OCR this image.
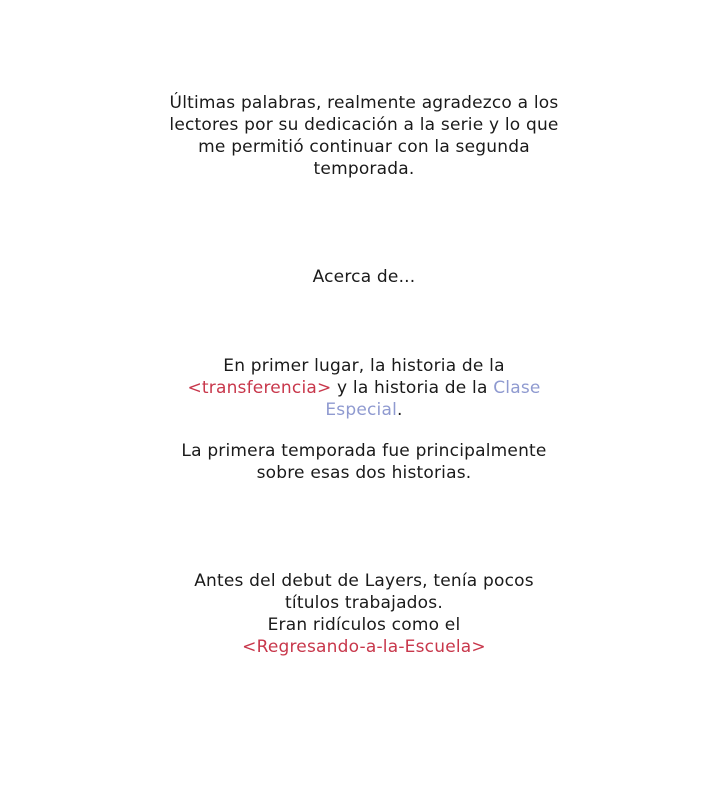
Últimas palabras, realmente agradezco a los
lectores por su dedicación a la serie y lo que
me permitió continuar con la segunda
temporada.
Acerca de...
En primer lugar, la historia de la
<transferencia> y la historia de la Clase
Especial.
La primera temporada fue principalmente
sobre esas dos historias.
Antes del debut de Layers, tenía pocos
títulos trabajados.
Eran ridículos como el
<Regresando-a-la-Escuela>
